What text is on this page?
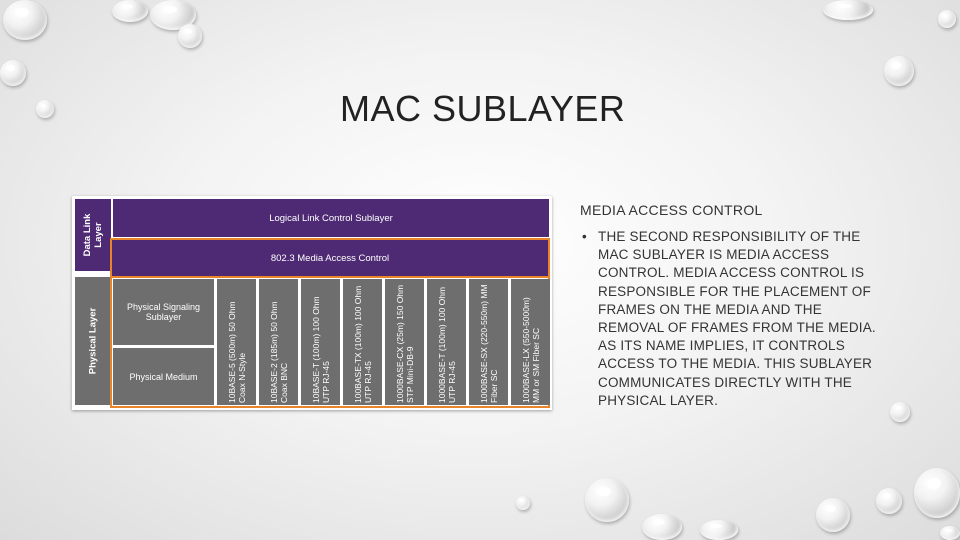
MAC SUBLAYER
Data Link Layer
Physical Layer
Logical Link Control Sublayer
802.3 Media Access Control
Physical Signaling Sublayer
Physical Medium	10BASE-5 (500m) 50 Ohm Coax N-Style	10BASE-2 (185m) 50 Ohm Coax BNC	10BASE-T (100m) 100 Ohm UTP RJ-45	100BASE-TX (100m) 100 Ohm UTP RJ-45	1000BASE-CX (25m) 150 Ohm STP Mini-DB-9	1000BASE-T (100m) 100 Ohm UTP RJ-45	1000BASE-SX (220-550m) MM Fiber SC	1000BASE-LX (550-5000m) MM or SM Fiber SC
MEDIA ACCESS CONTROL
• THE SECOND RESPONSIBILITY OF THE MAC SUBLAYER IS MEDIA ACCESS CONTROL. MEDIA ACCESS CONTROL IS RESPONSIBLE FOR THE PLACEMENT OF FRAMES ON THE MEDIA AND THE REMOVAL OF FRAMES FROM THE MEDIA. AS ITS NAME IMPLIES, IT CONTROLS ACCESS TO THE MEDIA. THIS SUBLAYER COMMUNICATES DIRECTLY WITH THE PHYSICAL LAYER.
